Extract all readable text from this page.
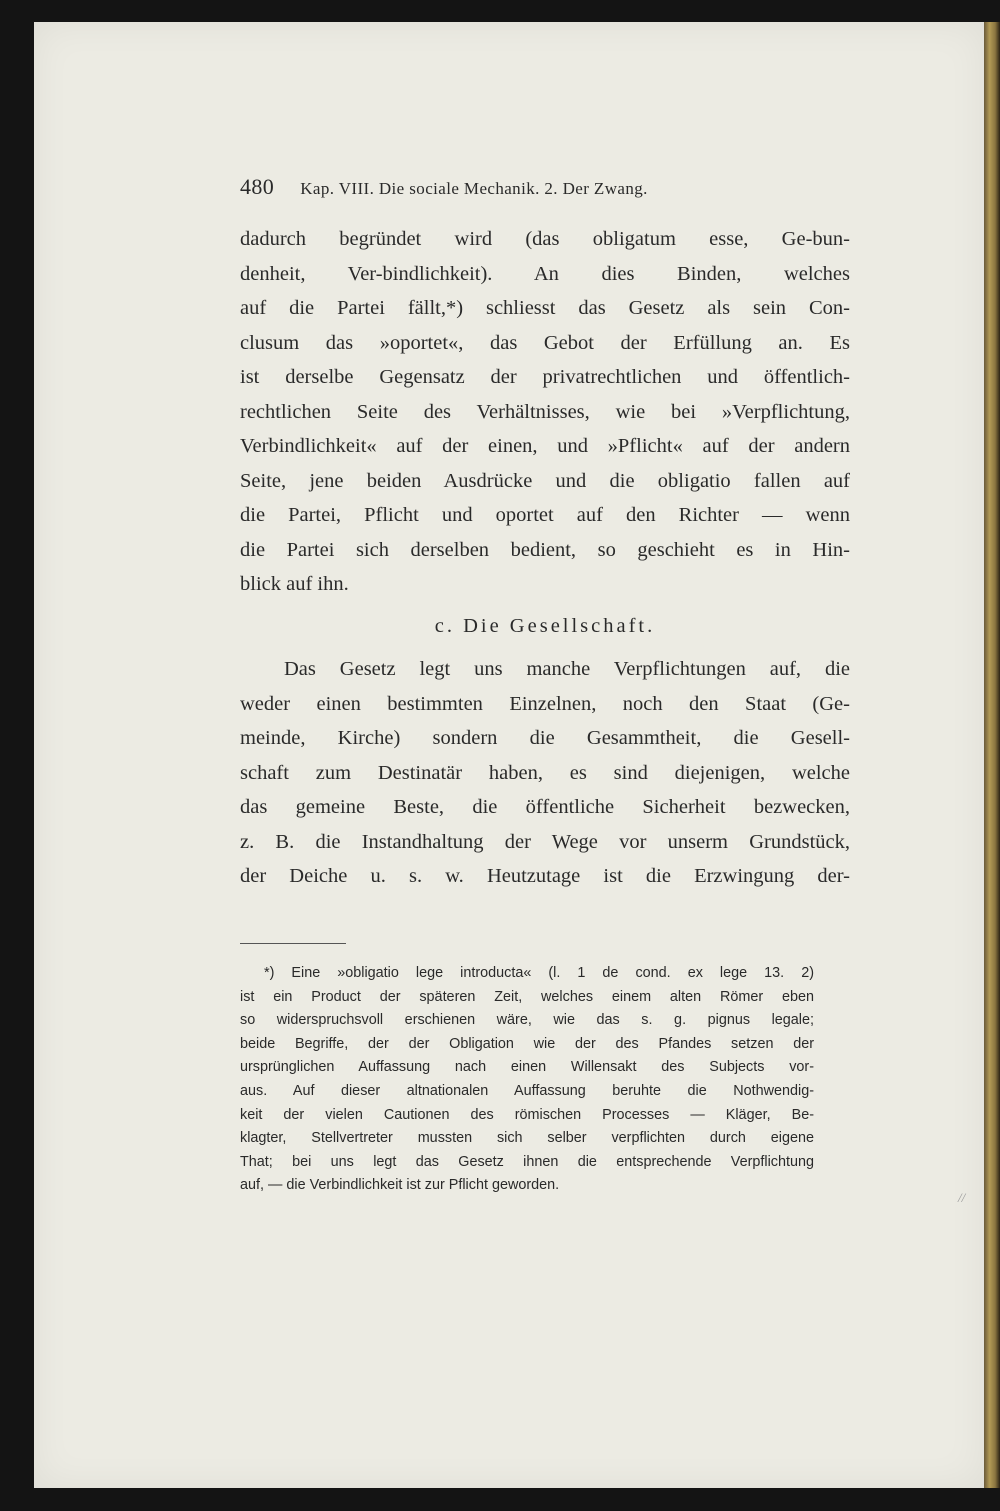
480 Kap. VIII. Die sociale Mechanik. 2. Der Zwang.
dadurch begründet wird (das obligatum esse, Ge-bun-
denheit, Ver-bindlichkeit). An dies Binden, welches
auf die Partei fällt,*) schliesst das Gesetz als sein Con-
clusum das »oportet«, das Gebot der Erfüllung an. Es
ist derselbe Gegensatz der privatrechtlichen und öffentlich-
rechtlichen Seite des Verhältnisses, wie bei »Verpflichtung,
Verbindlichkeit« auf der einen, und »Pflicht« auf der andern
Seite, jene beiden Ausdrücke und die obligatio fallen auf
die Partei, Pflicht und oportet auf den Richter — wenn
die Partei sich derselben bedient, so geschieht es in Hin-
blick auf ihn.
c. Die Gesellschaft.
Das Gesetz legt uns manche Verpflichtungen auf, die
weder einen bestimmten Einzelnen, noch den Staat (Ge-
meinde, Kirche) sondern die Gesammtheit, die Gesell-
schaft zum Destinatär haben, es sind diejenigen, welche
das gemeine Beste, die öffentliche Sicherheit bezwecken,
z. B. die Instandhaltung der Wege vor unserm Grundstück,
der Deiche u. s. w. Heutzutage ist die Erzwingung der-
*) Eine »obligatio lege introducta« (l. 1 de cond. ex lege 13. 2)
ist ein Product der späteren Zeit, welches einem alten Römer eben
so widerspruchsvoll erschienen wäre, wie das s. g. pignus legale;
beide Begriffe, der der Obligation wie der des Pfandes setzen der
ursprünglichen Auffassung nach einen Willensakt des Subjects vor-
aus. Auf dieser altnationalen Auffassung beruhte die Nothwendig-
keit der vielen Cautionen des römischen Processes — Kläger, Be-
klagter, Stellvertreter mussten sich selber verpflichten durch eigene
That; bei uns legt das Gesetz ihnen die entsprechende Verpflichtung
auf, — die Verbindlichkeit ist zur Pflicht geworden.
//
